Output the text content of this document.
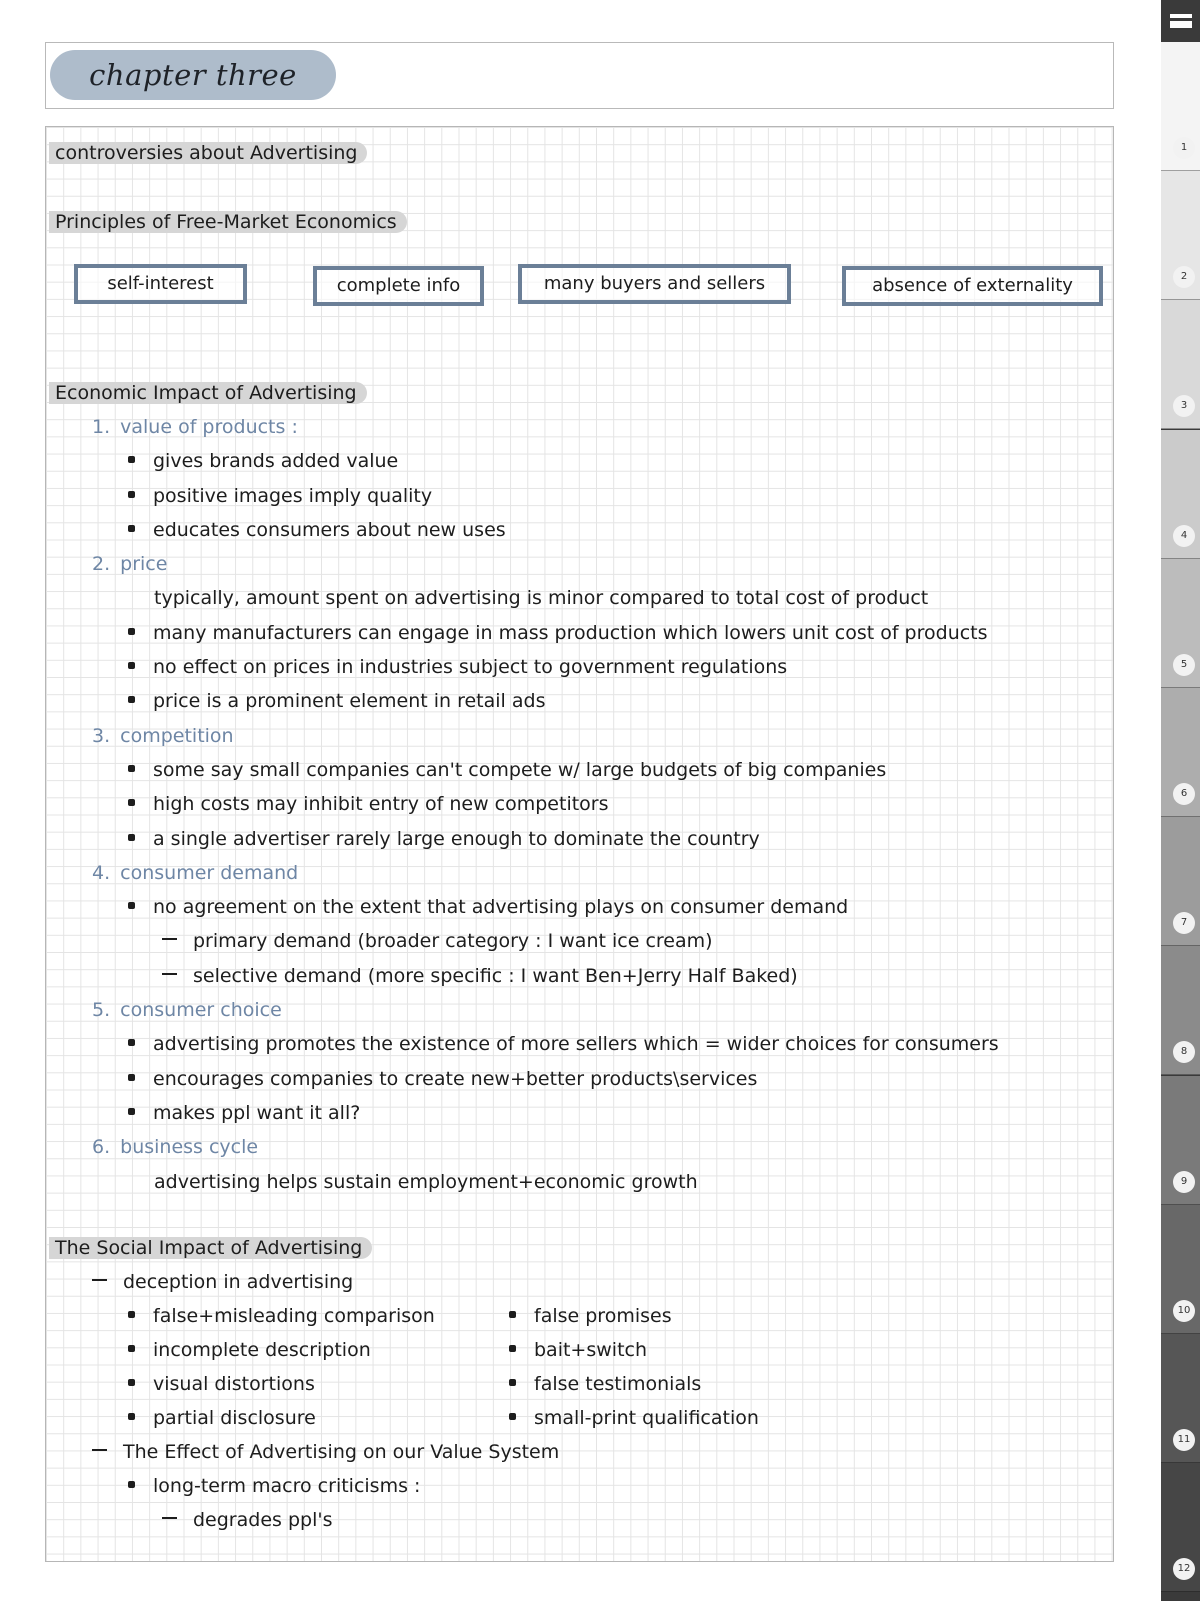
chapter three
controversies about Advertising
Principles of Free-Market Economics
self-interest	complete info	many buyers and sellers	absence of externality
Economic Impact of Advertising
1. value of products :
gives brands added value
positive images imply quality
educates consumers about new uses
2. price
typically, amount spent on advertising is minor compared to total cost of product
many manufacturers can engage in mass production which lowers unit cost of products
no effect on prices in industries subject to government regulations
price is a prominent element in retail ads
3. competition
some say small companies can't compete w/ large budgets of big companies
high costs may inhibit entry of new competitors
a single advertiser rarely large enough to dominate the country
4. consumer demand
no agreement on the extent that advertising plays on consumer demand
primary demand (broader category : I want ice cream)
selective demand (more specific : I want Ben+Jerry Half Baked)
5. consumer choice
advertising promotes the existence of more sellers which = wider choices for consumers
encourages companies to create new+better products\services
makes ppl want it all?
6. business cycle
advertising helps sustain employment+economic growth
The Social Impact of Advertising
deception in advertising
false+misleading comparison	false promises
incomplete description	bait+switch
visual distortions	false testimonials
partial disclosure	small-print qualification
The Effect of Advertising on our Value System
long-term macro criticisms :
degrades ppl's
1
2
3
4
5
6
7
8
9
10
11
12
